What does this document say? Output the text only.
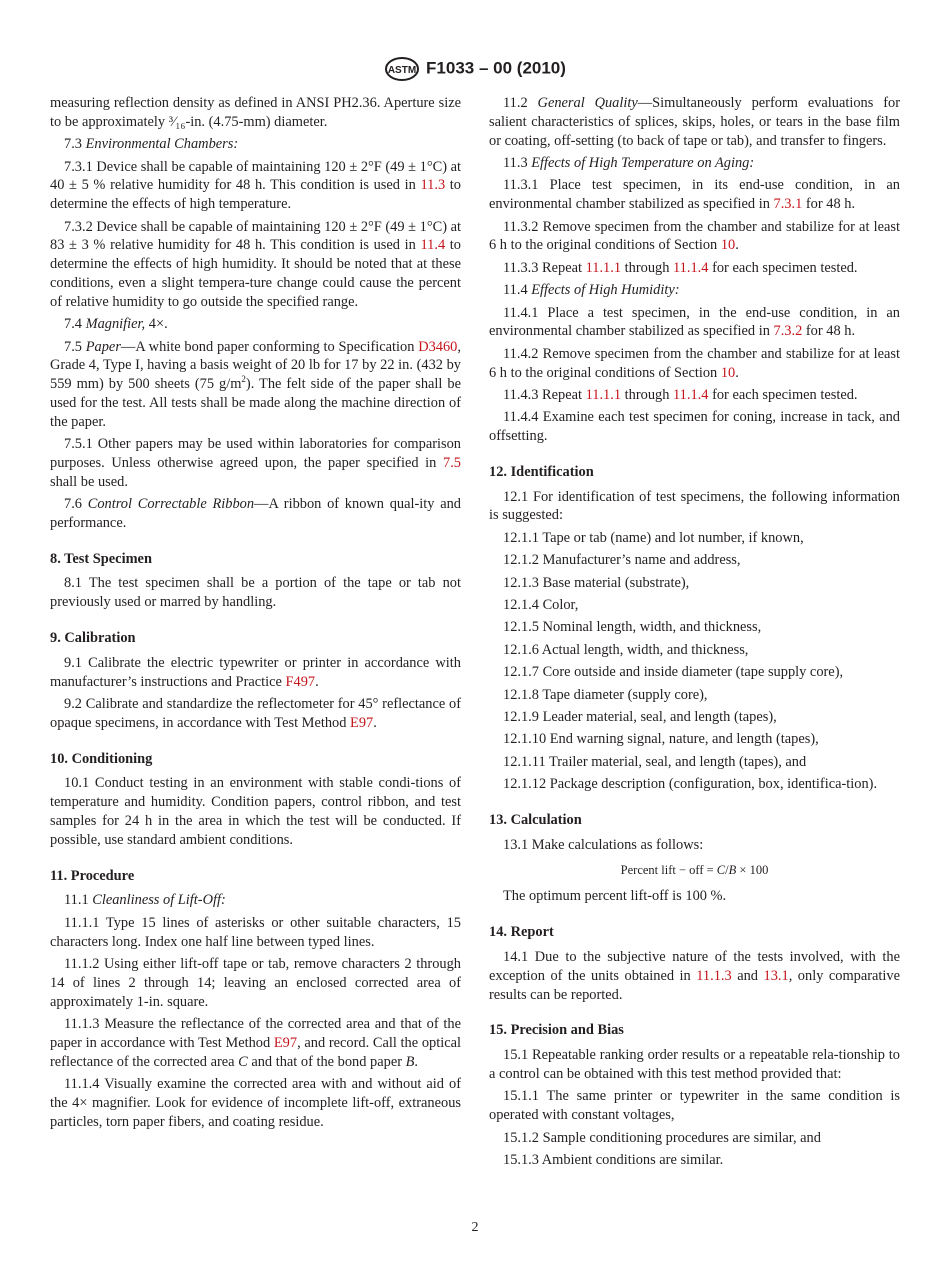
ASTM F1033 – 00 (2010)
measuring reflection density as defined in ANSI PH2.36. Aperture size to be approximately ³⁄₁₆-in. (4.75-mm) diameter.
7.3 Environmental Chambers:
7.3.1 Device shall be capable of maintaining 120 ± 2°F (49 ± 1°C) at 40 ± 5 % relative humidity for 48 h. This condition is used in 11.3 to determine the effects of high temperature.
7.3.2 Device shall be capable of maintaining 120 ± 2°F (49 ± 1°C) at 83 ± 3 % relative humidity for 48 h. This condition is used in 11.4 to determine the effects of high humidity. It should be noted that at these conditions, even a slight tempera-ture change could cause the percent of relative humidity to go outside the specified range.
7.4 Magnifier, 4×.
7.5 Paper—A white bond paper conforming to Specification D3460, Grade 4, Type I, having a basis weight of 20 lb for 17 by 22 in. (432 by 559 mm) by 500 sheets (75 $g/m^2$). The felt side of the paper shall be used for the test. All tests shall be made along the machine direction of the paper.
7.5.1 Other papers may be used within laboratories for comparison purposes. Unless otherwise agreed upon, the paper specified in 7.5 shall be used.
7.6 Control Correctable Ribbon—A ribbon of known qual-ity and performance.
8. Test Specimen
8.1 The test specimen shall be a portion of the tape or tab not previously used or marred by handling.
9. Calibration
9.1 Calibrate the electric typewriter or printer in accordance with manufacturer’s instructions and Practice F497.
9.2 Calibrate and standardize the reflectometer for 45° reflectance of opaque specimens, in accordance with Test Method E97.
10. Conditioning
10.1 Conduct testing in an environment with stable condi-tions of temperature and humidity. Condition papers, control ribbon, and test samples for 24 h in the area in which the test will be conducted. If possible, use standard ambient conditions.
11. Procedure
11.1 Cleanliness of Lift-Off:
11.1.1 Type 15 lines of asterisks or other suitable characters, 15 characters long. Index one half line between typed lines.
11.1.2 Using either lift-off tape or tab, remove characters 2 through 14 of lines 2 through 14; leaving an enclosed corrected area of approximately 1-in. square.
11.1.3 Measure the reflectance of the corrected area and that of the paper in accordance with Test Method E97, and record. Call the optical reflectance of the corrected area C and that of the bond paper B.
11.1.4 Visually examine the corrected area with and without aid of the 4× magnifier. Look for evidence of incomplete lift-off, extraneous particles, torn paper fibers, and coating residue.
11.2 General Quality—Simultaneously perform evaluations for salient characteristics of splices, skips, holes, or tears in the base film or coating, off-setting (to back of tape or tab), and transfer to fingers.
11.3 Effects of High Temperature on Aging:
11.3.1 Place test specimen, in its end-use condition, in an environmental chamber stabilized as specified in 7.3.1 for 48 h.
11.3.2 Remove specimen from the chamber and stabilize for at least 6 h to the original conditions of Section 10.
11.3.3 Repeat 11.1.1 through 11.1.4 for each specimen tested.
11.4 Effects of High Humidity:
11.4.1 Place a test specimen, in the end-use condition, in an environmental chamber stabilized as specified in 7.3.2 for 48 h.
11.4.2 Remove specimen from the chamber and stabilize for at least 6 h to the original conditions of Section 10.
11.4.3 Repeat 11.1.1 through 11.1.4 for each specimen tested.
11.4.4 Examine each test specimen for coning, increase in tack, and offsetting.
12. Identification
12.1 For identification of test specimens, the following information is suggested:
12.1.1 Tape or tab (name) and lot number, if known,
12.1.2 Manufacturer’s name and address,
12.1.3 Base material (substrate),
12.1.4 Color,
12.1.5 Nominal length, width, and thickness,
12.1.6 Actual length, width, and thickness,
12.1.7 Core outside and inside diameter (tape supply core),
12.1.8 Tape diameter (supply core),
12.1.9 Leader material, seal, and length (tapes),
12.1.10 End warning signal, nature, and length (tapes),
12.1.11 Trailer material, seal, and length (tapes), and
12.1.12 Package description (configuration, box, identifica-tion).
13. Calculation
13.1 Make calculations as follows:
Percent lift − off = C/B × 100
The optimum percent lift-off is 100 %.
14. Report
14.1 Due to the subjective nature of the tests involved, with the exception of the units obtained in 11.1.3 and 13.1, only comparative results can be reported.
15. Precision and Bias
15.1 Repeatable ranking order results or a repeatable rela-tionship to a control can be obtained with this test method provided that:
15.1.1 The same printer or typewriter in the same condition is operated with constant voltages,
15.1.2 Sample conditioning procedures are similar, and
15.1.3 Ambient conditions are similar.
2
